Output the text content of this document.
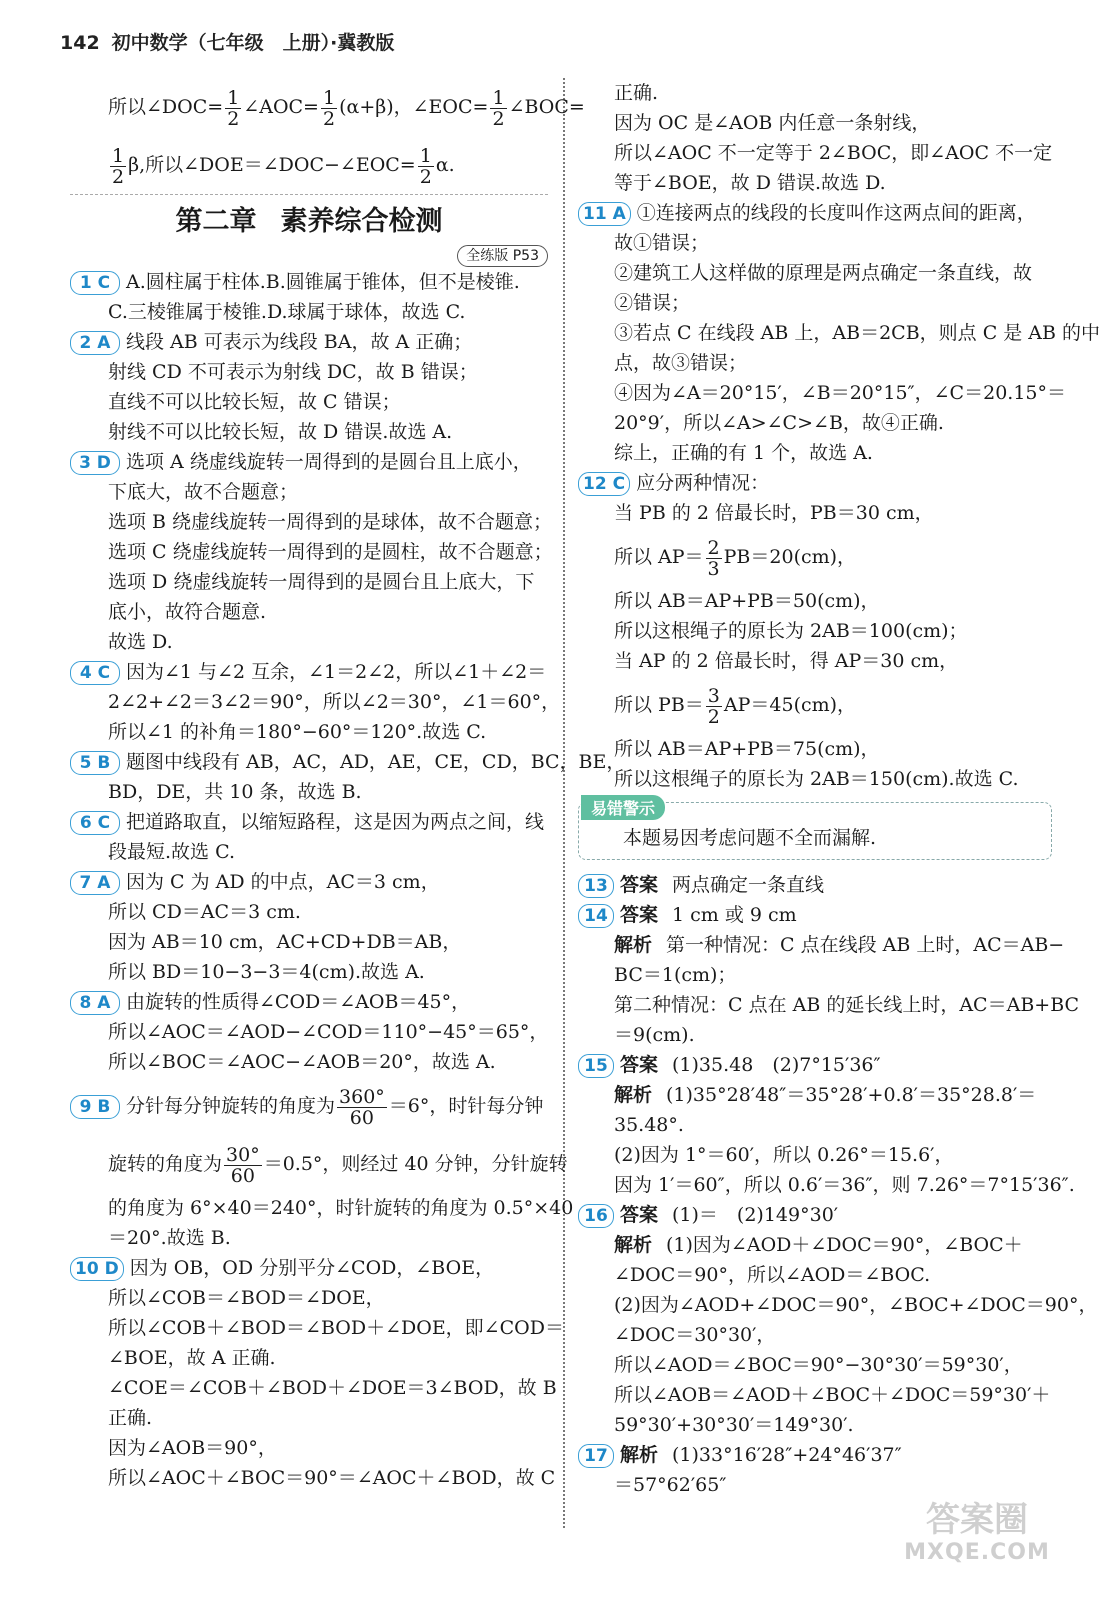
142 初中数学（七年级　上册）·冀教版
所以∠DOC= $\frac{1}{2}$ ∠AOC= $\frac{1}{2} (\alpha+\beta)$，∠EOC= $\frac{1}{2}$ ∠BOC=
$\frac{1}{2} \beta$,所以∠DOE＝∠DOC−∠EOC= $\frac{1}{2} \alpha$.
第二章 素养综合检测
全练版 P53
1 C A.圆柱属于柱体.B.圆锥属于锥体，但不是棱锥.
C.三棱锥属于棱锥.D.球属于球体，故选 C.
2 A 线段 AB 可表示为线段 BA，故 A 正确；
射线 CD 不可表示为射线 DC，故 B 错误；
直线不可以比较长短，故 C 错误；
射线不可以比较长短，故 D 错误.故选 A.
3 D 选项 A 绕虚线旋转一周得到的是圆台且上底小，
下底大，故不合题意；
选项 B 绕虚线旋转一周得到的是球体，故不合题意；
选项 C 绕虚线旋转一周得到的是圆柱，故不合题意；
选项 D 绕虚线旋转一周得到的是圆台且上底大，下
底小，故符合题意.
故选 D.
4 C 因为∠1 与∠2 互余，∠1＝2∠2，所以∠1＋∠2＝
2∠2+∠2＝3∠2＝90°，所以∠2＝30°，∠1＝60°，
所以∠1 的补角＝180°−60°＝120°.故选 C.
5 B 题图中线段有 AB，AC，AD，AE，CE，CD，BC，BE，
BD，DE，共 10 条，故选 B.
6 C 把道路取直，以缩短路程，这是因为两点之间，线
段最短.故选 C.
7 A 因为 C 为 AD 的中点，AC＝3 cm，
所以 CD＝AC＝3 cm.
因为 AB＝10 cm，AC+CD+DB＝AB，
所以 BD＝10−3−3＝4(cm).故选 A.
8 A 由旋转的性质得∠COD＝∠AOB＝45°，
所以∠AOC＝∠AOD−∠COD＝110°−45°＝65°，
所以∠BOC＝∠AOC−∠AOB＝20°，故选 A.
9 B 分针每分钟旋转的角度为 $\frac{360^\circ}{60} =6^\circ$，时针每分钟
旋转的角度为 $\frac{30^\circ}{60} =0.5^\circ$，则经过 40 分钟，分针旋转
的角度为 6°×40＝240°，时针旋转的角度为 0.5°×40
＝20°.故选 B.
10 D 因为 OB，OD 分别平分∠COD，∠BOE，
所以∠COB＝∠BOD＝∠DOE，
所以∠COB＋∠BOD＝∠BOD＋∠DOE，即∠COD＝
∠BOE，故 A 正确.
∠COE＝∠COB＋∠BOD＋∠DOE＝3∠BOD，故 B
正确.
因为∠AOB＝90°，
所以∠AOC＋∠BOC＝90°＝∠AOC＋∠BOD，故 C
正确.
因为 OC 是∠AOB 内任意一条射线，
所以∠AOC 不一定等于 2∠BOC，即∠AOC 不一定
等于∠BOE，故 D 错误.故选 D.
11 A ①连接两点的线段的长度叫作这两点间的距离，
故①错误；
②建筑工人这样做的原理是两点确定一条直线，故
②错误；
③若点 C 在线段 AB 上，AB＝2CB，则点 C 是 AB 的中
点，故③错误；
④因为∠A＝20°15′，∠B＝20°15″，∠C＝20.15°＝
20°9′，所以∠A>∠C>∠B，故④正确.
综上，正确的有 1 个，故选 A.
12 C 应分两种情况：
当 PB 的 2 倍最长时，PB＝30 cm，
所以 $AP= \frac{2}{3} PB=20(cm)$，
所以 AB＝AP+PB＝50(cm)，
所以这根绳子的原长为 2AB＝100(cm)；
当 AP 的 2 倍最长时，得 AP＝30 cm，
所以 $PB= \frac{3}{2} AP=45(cm)$，
所以 AB＝AP+PB＝75(cm)，
所以这根绳子的原长为 2AB＝150(cm).故选 C.
易错警示
本题易因考虑问题不全而漏解.
13 答案 两点确定一条直线
14 答案 1 cm 或 9 cm
解析 第一种情况：C 点在线段 AB 上时，AC＝AB−
BC＝1(cm)；
第二种情况：C 点在 AB 的延长线上时，AC＝AB+BC
＝9(cm).
15 答案 (1)35.48　(2)7°15′36″
解析 (1)35°28′48″＝35°28′+0.8′＝35°28.8′＝
35.48°.
(2)因为 1°＝60′，所以 0.26°＝15.6′，
因为 1′＝60″，所以 0.6′＝36″，则 7.26°＝7°15′36″.
16 答案 (1)＝　(2)149°30′
解析 (1)因为∠AOD＋∠DOC＝90°，∠BOC＋
∠DOC＝90°，所以∠AOD＝∠BOC.
(2)因为∠AOD+∠DOC＝90°，∠BOC+∠DOC＝90°，
∠DOC＝30°30′，
所以∠AOD＝∠BOC＝90°−30°30′＝59°30′，
所以∠AOB＝∠AOD＋∠BOC＋∠DOC＝59°30′＋
59°30′+30°30′＝149°30′.
17 解析 (1)33°16′28″+24°46′37″
＝57°62′65″
答案圈
MXQE.COM
